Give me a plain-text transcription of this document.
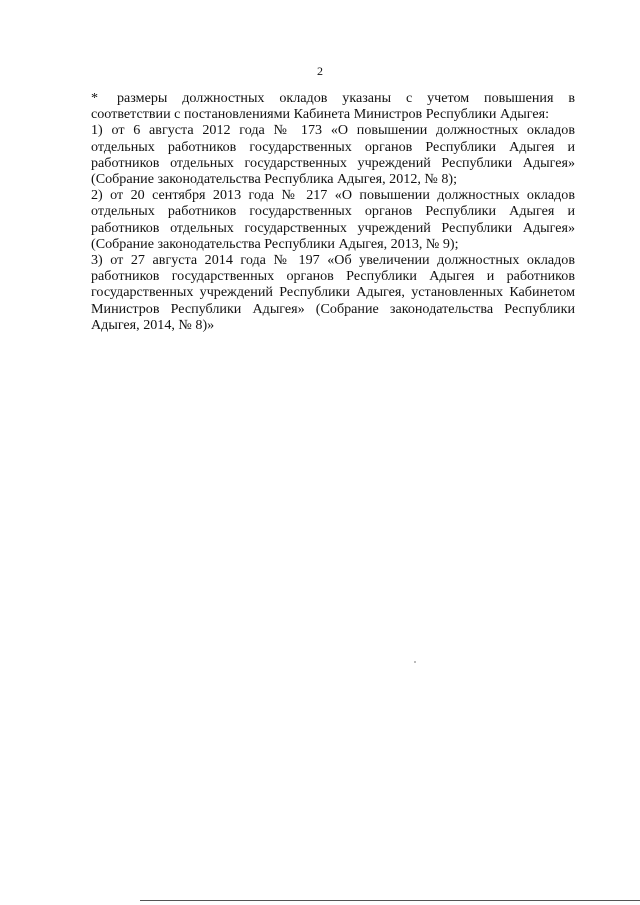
2

* размеры должностных окладов указаны с учетом повышения в соответствии с постановлениями Кабинета Министров Республики Адыгея:

1) от 6 августа 2012 года № 173 «О повышении должностных окладов отдельных работников государственных органов Республики Адыгея и работников отдельных государственных учреждений Республики Адыгея» (Собрание законодательства Республика Адыгея, 2012, № 8);

2) от 20 сентября 2013 года № 217 «О повышении должностных окладов отдельных работников государственных органов Республики Адыгея и работников отдельных государственных учреждений Республики Адыгея» (Собрание законодательства Республики Адыгея, 2013, № 9);

3) от 27 августа 2014 года № 197 «Об увеличении должностных окладов работников государственных органов Республики Адыгея и работников государственных учреждений Республики Адыгея, установленных Кабинетом Министров Республики Адыгея» (Собрание законодательства Республики Адыгея, 2014, № 8)»
